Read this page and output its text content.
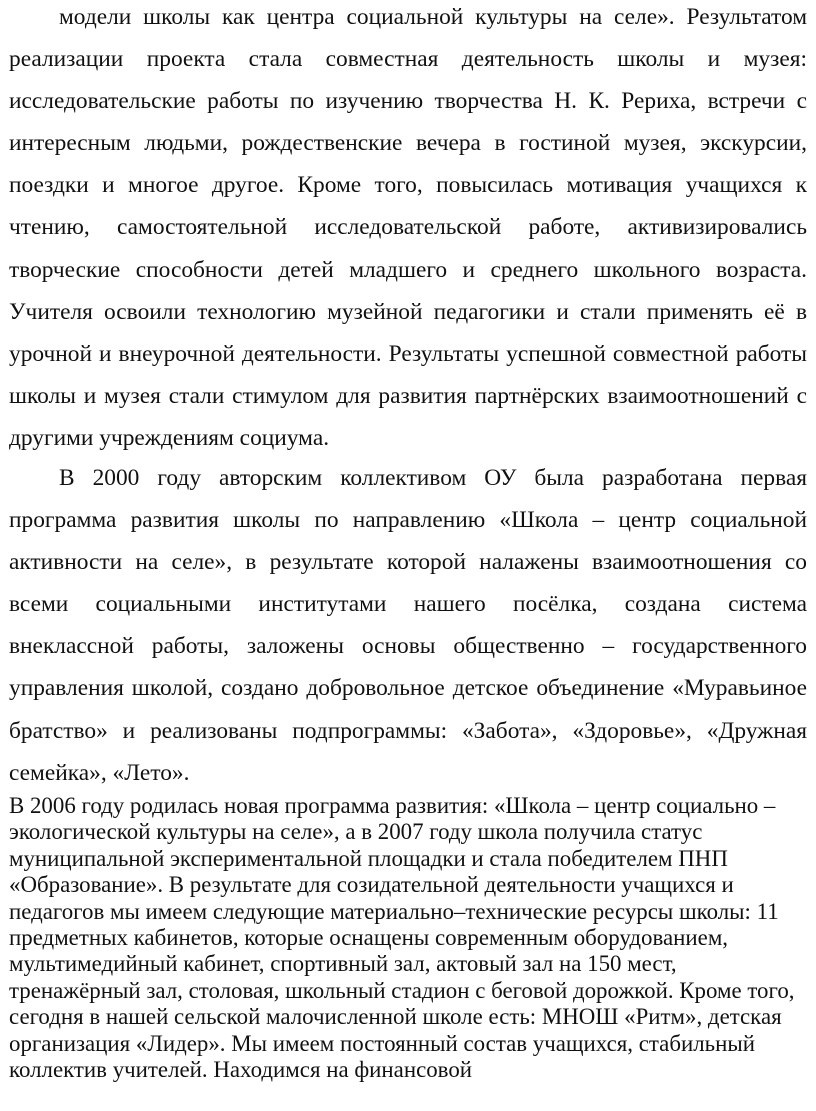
модели школы как центра социальной культуры на селе». Результатом реализации проекта стала совместная деятельность школы и музея: исследовательские работы по изучению творчества Н. К. Рериха, встречи с интересным людьми, рождественские вечера в гостиной музея, экскурсии, поездки и многое другое. Кроме того, повысилась мотивация учащихся к чтению, самостоятельной исследовательской работе, активизировались творческие способности детей младшего и среднего школьного возраста. Учителя освоили технологию музейной педагогики и стали применять её в урочной и внеурочной деятельности. Результаты успешной совместной работы школы и музея стали стимулом для развития партнёрских взаимоотношений с другими учреждениям социума.

В 2000 году авторским коллективом ОУ была разработана первая программа развития школы по направлению «Школа – центр социальной активности на селе», в результате которой налажены взаимоотношения со всеми социальными институтами нашего посёлка, создана система внеклассной работы, заложены основы общественно – государственного управления школой, создано добровольное детское объединение «Муравьиное братство» и реализованы подпрограммы: «Забота», «Здоровье», «Дружная семейка», «Лето».

В 2006 году родилась новая программа развития: «Школа – центр социально – экологической культуры на селе», а в 2007 году школа получила статус муниципальной экспериментальной площадки и стала победителем ПНП «Образование». В результате для созидательной деятельности учащихся и педагогов мы имеем следующие материально–технические ресурсы школы: 11 предметных кабинетов, которые оснащены современным оборудованием, мультимедийный кабинет, спортивный зал, актовый зал на 150 мест, тренажёрный зал, столовая, школьный стадион с беговой дорожкой. Кроме того, сегодня в нашей сельской малочисленной школе есть: МНОШ «Ритм», детская организация «Лидер». Мы имеем постоянный состав учащихся, стабильный коллектив учителей. Находимся на финансовой
